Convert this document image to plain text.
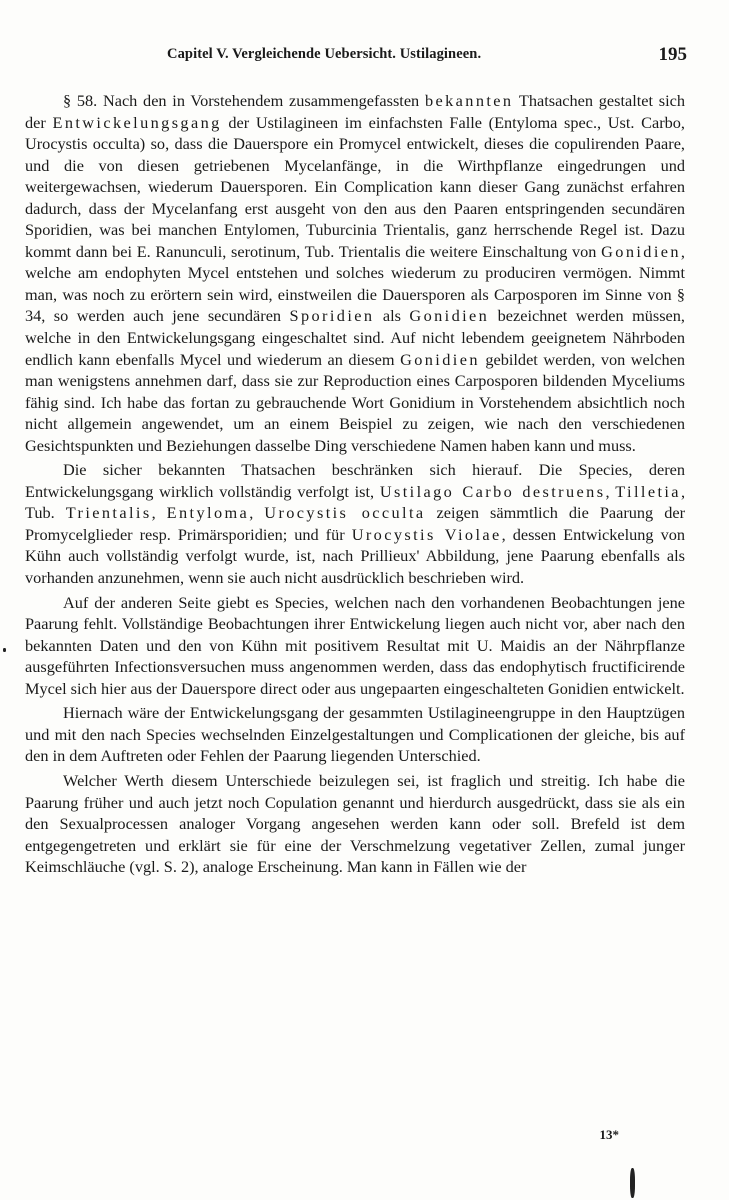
Capitel V. Vergleichende Uebersicht. Ustilagineen.	195

§ 58. Nach den in Vorstehendem zusammengefassten bekannten Thatsachen gestaltet sich der Entwickelungsgang der Ustilagineen im einfachsten Falle (Entyloma spec., Ust. Carbo, Urocystis occulta) so, dass die Dauerspore ein Promycel entwickelt, dieses die copulirenden Paare, und die von diesen getriebenen Mycelanfänge, in die Wirthpflanze eingedrungen und weitergewachsen, wiederum Dauersporen. Ein Complication kann dieser Gang zunächst erfahren dadurch, dass der Mycelanfang erst ausgeht von den aus den Paaren entspringenden secundären Sporidien, was bei manchen Entylomen, Tuburcinia Trientalis, ganz herrschende Regel ist. Dazu kommt dann bei E. Ranunculi, serotinum, Tub. Trientalis die weitere Einschaltung von Gonidien, welche am endophyten Mycel entstehen und solches wiederum zu produciren vermögen. Nimmt man, was noch zu erörtern sein wird, einstweilen die Dauersporen als Carposporen im Sinne von § 34, so werden auch jene secundären Sporidien als Gonidien bezeichnet werden müssen, welche in den Entwickelungsgang eingeschaltet sind. Auf nicht lebendem geeignetem Nährboden endlich kann ebenfalls Mycel und wiederum an diesem Gonidien gebildet werden, von welchen man wenigstens annehmen darf, dass sie zur Reproduction eines Carposporen bildenden Myceliums fähig sind. Ich habe das fortan zu gebrauchende Wort Gonidium in Vorstehendem absichtlich noch nicht allgemein angewendet, um an einem Beispiel zu zeigen, wie nach den verschiedenen Gesichtspunkten und Beziehungen dasselbe Ding verschiedene Namen haben kann und muss.

Die sicher bekannten Thatsachen beschränken sich hierauf. Die Species, deren Entwickelungsgang wirklich vollständig verfolgt ist, Ustilago Carbo destruens, Tilletia, Tub. Trientalis, Entyloma, Urocystis occulta zeigen sämmtlich die Paarung der Promycelglieder resp. Primärsporidien; und für Urocystis Violae, dessen Entwickelung von Kühn auch vollständig verfolgt wurde, ist, nach Prillieux' Abbildung, jene Paarung ebenfalls als vorhanden anzunehmen, wenn sie auch nicht ausdrücklich beschrieben wird.

Auf der anderen Seite giebt es Species, welchen nach den vorhandenen Beobachtungen jene Paarung fehlt. Vollständige Beobachtungen ihrer Entwickelung liegen auch nicht vor, aber nach den bekannten Daten und den von Kühn mit positivem Resultat mit U. Maidis an der Nährpflanze ausgeführten Infectionsversuchen muss angenommen werden, dass das endophytisch fructificirende Mycel sich hier aus der Dauerspore direct oder aus ungepaarten eingeschalteten Gonidien entwickelt.

Hiernach wäre der Entwickelungsgang der gesammten Ustilagineengruppe in den Hauptzügen und mit den nach Species wechselnden Einzelgestaltungen und Complicationen der gleiche, bis auf den in dem Auftreten oder Fehlen der Paarung liegenden Unterschied.

Welcher Werth diesem Unterschiede beizulegen sei, ist fraglich und streitig. Ich habe die Paarung früher und auch jetzt noch Copulation genannt und hierdurch ausgedrückt, dass sie als ein den Sexualprocessen analoger Vorgang angesehen werden kann oder soll. Brefeld ist dem entgegengetreten und erklärt sie für eine der Verschmelzung vegetativer Zellen, zumal junger Keimschläuche (vgl. S. 2), analoge Erscheinung. Man kann in Fällen wie der

13*
